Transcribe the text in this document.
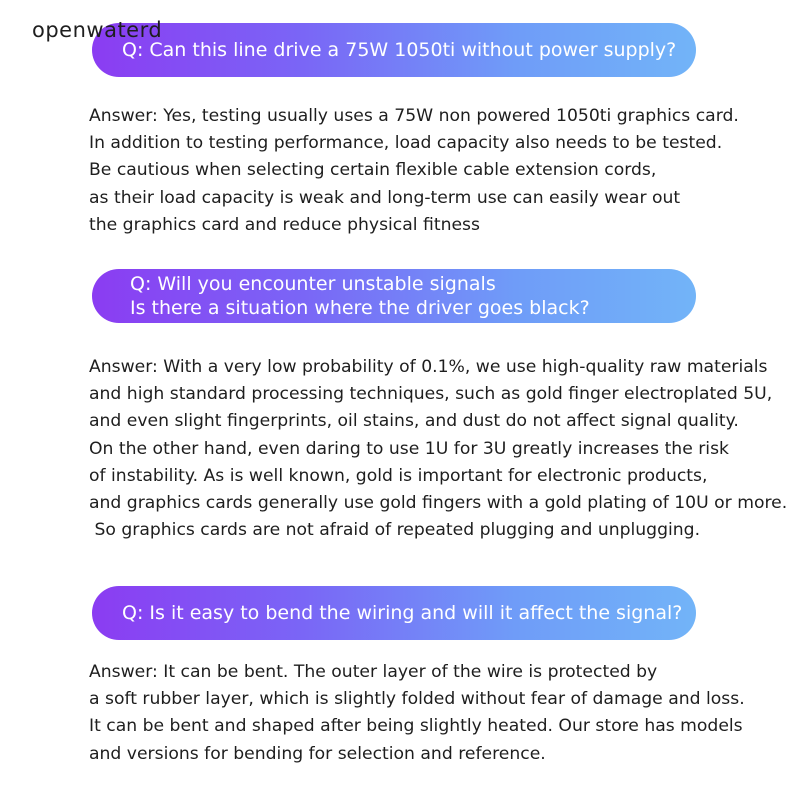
openwaterd
Q: Can this line drive a 75W 1050ti without power supply?
Answer: Yes, testing usually uses a 75W non powered 1050ti graphics card.
In addition to testing performance, load capacity also needs to be tested.
Be cautious when selecting certain flexible cable extension cords,
as their load capacity is weak and long-term use can easily wear out
the graphics card and reduce physical fitness
Q: Will you encounter unstable signals
Is there a situation where the driver goes black?
Answer: With a very low probability of 0.1%, we use high-quality raw materials
and high standard processing techniques, such as gold finger electroplated 5U,
and even slight fingerprints, oil stains, and dust do not affect signal quality.
On the other hand, even daring to use 1U for 3U greatly increases the risk
of instability. As is well known, gold is important for electronic products,
and graphics cards generally use gold fingers with a gold plating of 10U or more.
So graphics cards are not afraid of repeated plugging and unplugging.
Q: Is it easy to bend the wiring and will it affect the signal?
Answer: It can be bent. The outer layer of the wire is protected by
a soft rubber layer, which is slightly folded without fear of damage and loss.
It can be bent and shaped after being slightly heated. Our store has models
and versions for bending for selection and reference.
